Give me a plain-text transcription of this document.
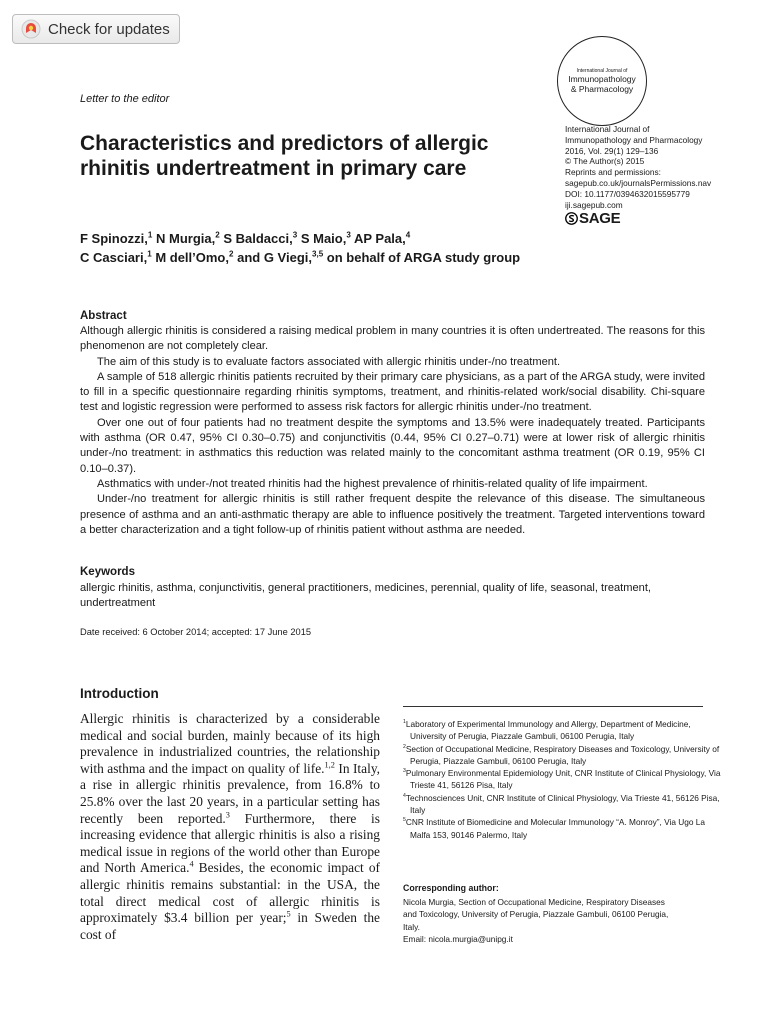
Check for updates
International Journal of
Immunopathology
& Pharmacology
Letter to the editor
Characteristics and predictors of allergic
rhinitis undertreatment in primary care
International Journal of
Immunopathology and Pharmacology
2016, Vol. 29(1) 129–136
© The Author(s) 2015
Reprints and permissions:
sagepub.co.uk/journalsPermissions.nav
DOI: 10.1177/0394632015595779
iji.sagepub.com
SAGE
F Spinozzi,$^1$ N Murgia,$^2$ S Baldacci,$^3$ S Maio,$^3$ AP Pala,$^4$
C Casciari,$^1$ M dell’Omo,$^2$ and G Viegi,$^{3,5}$ on behalf of ARGA study group
Abstract

Although allergic rhinitis is considered a raising medical problem in many countries it is often undertreated. The reasons for this phenomenon are not completely clear.

The aim of this study is to evaluate factors associated with allergic rhinitis under-/no treatment.

A sample of 518 allergic rhinitis patients recruited by their primary care physicians, as a part of the ARGA study, were invited to fill in a specific questionnaire regarding rhinitis symptoms, treatment, and rhinitis-related work/social disability. Chi-square test and logistic regression were performed to assess risk factors for allergic rhinitis under-/no treatment.

Over one out of four patients had no treatment despite the symptoms and 13.5% were inadequately treated. Participants with asthma (OR 0.47, 95% CI 0.30–0.75) and conjunctivitis (0.44, 95% CI 0.27–0.71) were at lower risk of allergic rhinitis under-/no treatment: in asthmatics this reduction was related mainly to the concomitant asthma treatment (OR 0.19, 95% CI 0.10–0.37).

Asthmatics with under-/not treated rhinitis had the highest prevalence of rhinitis-related quality of life impairment.

Under-/no treatment for allergic rhinitis is still rather frequent despite the relevance of this disease. The simultaneous presence of asthma and an anti-asthmatic therapy are able to influence positively the treatment. Targeted interventions toward a better characterization and a tight follow-up of rhinitis patient without asthma are needed.

Keywords
allergic rhinitis, asthma, conjunctivitis, general practitioners, medicines, perennial, quality of life, seasonal, treatment, undertreatment
Date received: 6 October 2014; accepted: 17 June 2015
Introduction

Allergic rhinitis is characterized by a considerable medical and social burden, mainly because of its high prevalence in industrialized countries, the relationship with asthma and the impact on quality of life.$^{1,2}$ In Italy, a rise in allergic rhinitis prevalence, from 16.8% to 25.8% over the last 20 years, in a particular setting has recently been reported.$^3$ Furthermore, there is increasing evidence that allergic rhinitis is also a rising medical issue in regions of the world other than Europe and North America.$^4$ Besides, the economic impact of allergic rhinitis remains substantial: in the USA, the total direct medical cost of allergic rhinitis is approximately $3.4 billion per year;$^5$ in Sweden the cost of

$^1$Laboratory of Experimental Immunology and Allergy, Department of Medicine, University of Perugia, Piazzale Gambuli, 06100 Perugia, Italy
$^2$Section of Occupational Medicine, Respiratory Diseases and Toxicology, University of Perugia, Piazzale Gambuli, 06100 Perugia, Italy
$^3$Pulmonary Environmental Epidemiology Unit, CNR Institute of Clinical Physiology, Via Trieste 41, 56126 Pisa, Italy
$^4$Technosciences Unit, CNR Institute of Clinical Physiology, Via Trieste 41, 56126 Pisa, Italy
$^5$CNR Institute of Biomedicine and Molecular Immunology “A. Monroy”, Via Ugo La Malfa 153, 90146 Palermo, Italy
Corresponding author:
Nicola Murgia, Section of Occupational Medicine, Respiratory Diseases
and Toxicology, University of Perugia, Piazzale Gambuli, 06100 Perugia,
Italy.
Email: nicola.murgia@unipg.it
